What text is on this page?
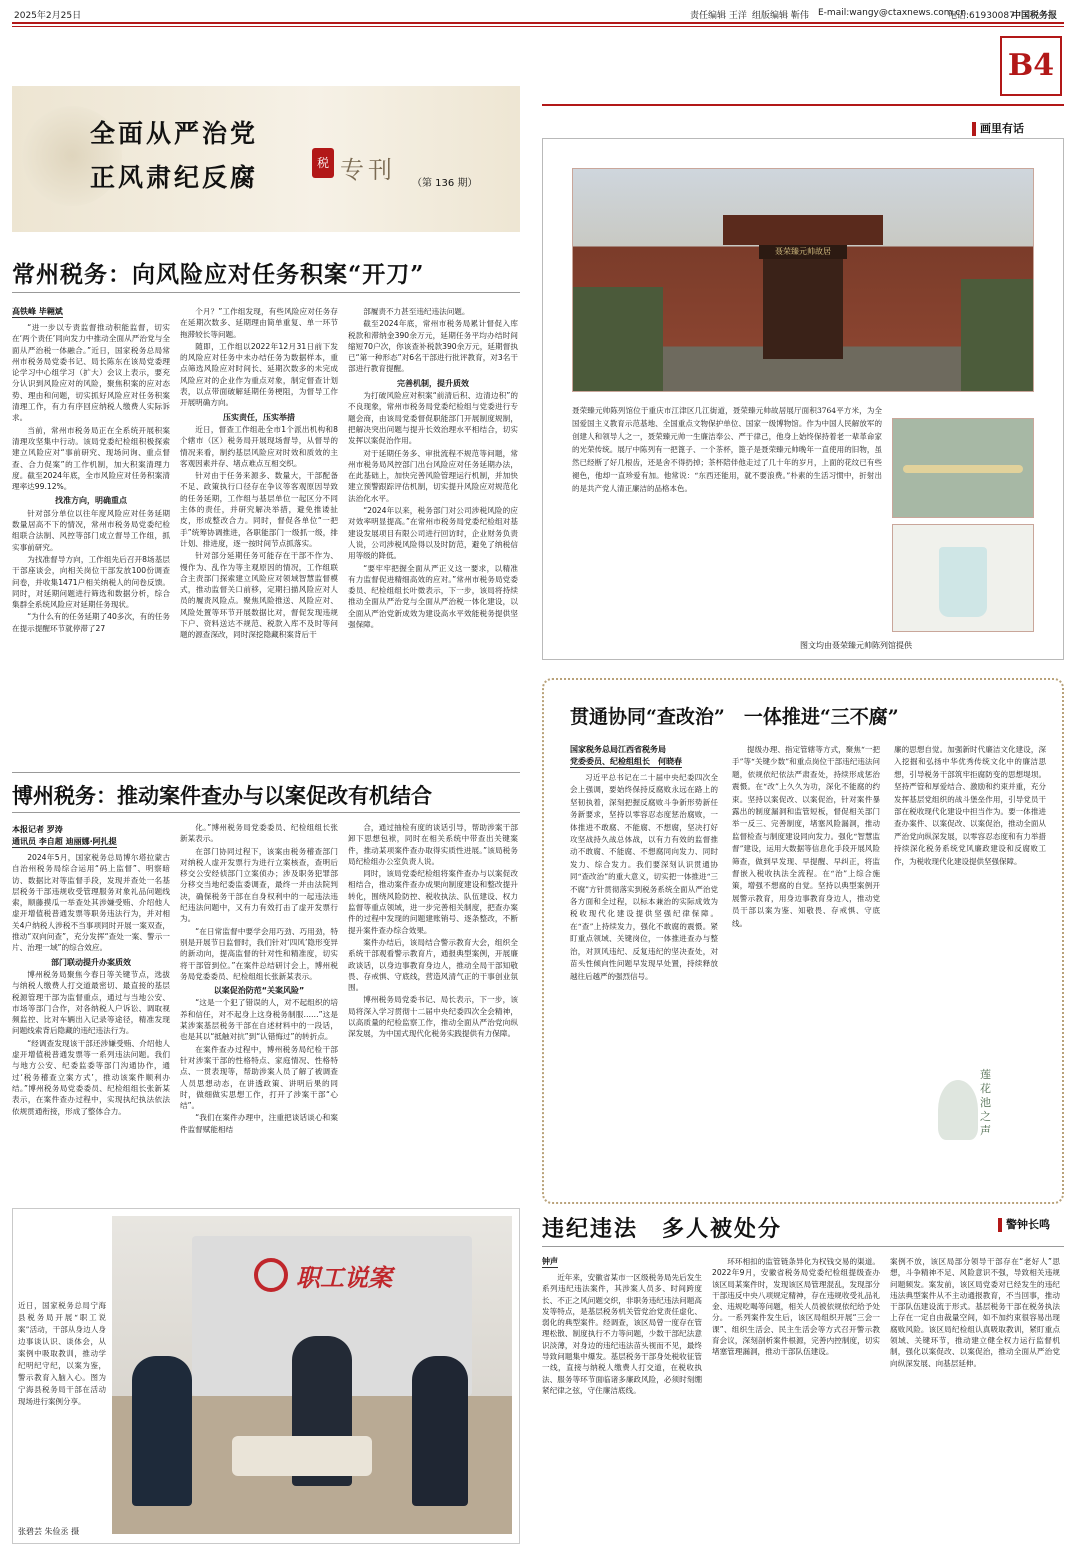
2025年2月25日	责任编辑 王洋 组版编辑 靳伟 E-mail:wangy@ctaxnews.com.cn
电话:61930087
中国税务报
B4
全面从严治党
正风肃纪反腐	税 专刊 （第 136 期）
常州税务：向风险应对任务积案“开刀”
高铁峰 毕翱斌

“进一步以专责监督推动积能监督，切实在‘两个责任’同向发力中推动全面从严治党与全面从严治税一体融合。”近日，国家税务总局常州市税务局党委书记、局长陈东在该局党委理论学习中心组学习（扩大）会议上表示，要充分认识到风险应对的风险，聚焦积案的应对态势、理由和问题，切实抓好风险应对任务积案清理工作，有力有序回应纳税人缴费人实际诉求。

当前，常州市税务局正在全系统开展积案清理攻坚集中行动。该局党委纪检组积极探索建立风险应对“事前研究、现场问询、重点督查、合力促案”的工作机制，加大积案清理力度。截至2024年底，全市风险应对任务积案清理率达99.12%。

找准方向，明确重点

针对部分单位以往年度风险应对任务延期数量居高不下的情况，常州市税务局党委纪检组联合法制、风控等部门成立督导工作组，抓实事前研究。

为找准督导方向，工作组先后召开8场基层干部座谈会，向相关岗位干部发放100份调查问卷，并收集1471户相关纳税人的问卷反馈。同时，对延期问题进行筛选和数据分析，综合集群全系统风险应对延期任务现状。

“为什么有的任务延期了40多次，有的任务在提示提醒环节就停滞了27

个月？”工作组发现，有些风险应对任务存在延期次数多、延期理由简单重复、单一环节拖滞较长等问题。

随即，工作组以2022年12月31日前下发的风险应对任务中未办结任务为数据样本，重点筛选风险应对时间长、延期次数多的未完成风险应对的企业作为重点对象，制定督查计划表，以点带面破解延期任务梗阻，为督导工作开展明确方向。

压实责任，压实举措

近日，督查工作组赴全市1个派出机构和8个辖市（区）税务局开展现场督导，从督导的情况来看，制约基层风险应对时效和质效的主客观因素并存、堵点难点互相交织。

针对由于任务来源多、数量大，干部配备不足、政策执行口径存在争议等客观原因导致的任务延期，工作组与基层单位一起区分不同主体的责任，并研究解决举措，避免推诿扯皮，形成整改合力。同时，督促各单位“一把手”统筹协调推进，各职能部门一级抓一级，排计划、排进度，逐一按时间节点抓落实。

针对部分延期任务可能存在干部不作为、慢作为、乱作为等主观原因的情况，工作组联合主责部门探索建立风险应对领域智慧监督模式，推动监督关口前移，定期扫描风险应对人员的履责风险点。聚焦风险推送、风险应对、风险处置等环节开展数据比对，督促发现违规下户、资料送达不规范、税款入库不及时等问题的源查深改，同时深挖隐藏积案背后干

部履责不力甚至违纪违法问题。

截至2024年底，常州市税务局累计督促入库税款和滞纳金390余万元，延期任务平均办结时间缩短70户次，你该查补税款390余万元，延期督执已“第一种形态”对6名干部进行批评教育，对3名干部进行教育提醒。

完善机制，提升质效

为打破风险应对积案“前清后积、边清边积”的不良现象，常州市税务局党委纪检组与党委进行专题会商，由该局党委督促职能部门开展制度规制，把解决突出问题与提升长效治理水平相结合，切实发挥以案促治作用。

对于延期任务多、审批流程不规范等问题，常州市税务局风控部门出台风险应对任务延期办法，在此基础上，加快完善风险管理运行机制，并加快建立预警跟踪评估机制，切实提升风险应对规范化法治化水平。

“2024年以来，税务部门对公司涉税风险的应对效率明显提高。”在常州市税务局党委纪检组对基建设发展项目有限公司进行回访时，企业财务负责人说，公司涉税风险得以及时防范，避免了纳税信用等级的降低。

“要牢牢把握全面从严正义这一要求，以精准有力监督促进精细高效的应对。”常州市税务局党委委员、纪检组组长叶微表示，下一步，该局将持续推动全面从严治党与全面从严治税一体化建设，以全面从严治党新成效为建设高水平效能税务提供坚强保障。

博州税务：推动案件查办与以案促改有机结合
本报记者 罗涛
通讯员 李自超 迪丽娜·阿扎提

2024年5月，国家税务总局博尔塔拉蒙古自治州税务局综合运用“码上监督”、明察暗访、数据比对等监督手段，发现并查处一名基层税务干部违规收受管理服务对象礼品问题线索，顺藤摸瓜一举查处其涉嫌受贿、介绍他人虚开增值税普通发票等职务违法行为，并对相关4户纳税人涉税不当事项同时开展一案双查，推动“双向问查”，充分发挥“查处一案、警示一片、治理一域”的综合效应。

部门联动提升办案质效

博州税务局聚焦今春日等关键节点，选拔与纳税人缴费人打交道最密切、最直接的基层税源管理干部为监督重点，通过与当地公安、市场等部门合作，对各纳税人户诉讼、调取视频监控、比对车辆出入记录等途径，精准发现问题线索背后隐藏的违纪违法行为。

“经调查发现该干部还涉嫌受贿、介绍他人虚开增值税普通发票等一系列违法问题。我们与地方公安、纪委监委等部门沟通协作，通过‘税务稽查立案方式’，推动该案件顺利办结。”博州税务局党委委员、纪检组组长张新某表示，在案件查办过程中，实现执纪执法依法依规贯通衔接，形成了整体合力。

化。”博州税务局党委委员、纪检组组长张新某表示。

在部门协同过程下，该案由税务稽查部门对纳税人虚开发票行为进行立案核查，查明后移交公安经侦部门立案侦办；涉及职务犯罪部分移交当地纪委监委调查，最终一并由法院判决，确保税务干部在自身权利中的一起违法违纪违法问题中，又有力有效打击了虚开发票行为。

“在日常监督中要学会用巧劲、巧用劲，特别是开展节日监督时，我们针对‘四风’隐形变异的新动向，提高监督的针对性和精准度，切实将干部管到位。”在案件总结研讨会上，博州税务局党委委员、纪检组组长张新某表示。

以案促治防范“关案风险”

“这是一个犯了错误的人，对不起组织的培养和信任，对不起身上这身税务制服……”这是某涉案基层税务干部在自述材料中的一段话，也是其以“抵触对抗”到“认错悔过”的转折点。

在案件查办过程中，博州税务局纪检干部针对涉案干部的性格特点、家庭情况、性格特点、一贯表现等，帮助涉案人员了解了被调查人员思想动态，在讲透政策、讲明后果的同时，做细做实思想工作，打开了涉案干部“心结”。

“我们在案件办理中，注重把谈话谈心和案件监督赋能相结

合，通过抽检有度的谈话引导，帮助涉案干部卸下思想包袱，同时在相关系统中带查出关键案件，推动某项案件查办取得实质性进展。”该局税务局纪检组办公室负责人说。

同时，该局党委纪检组将案件查办与以案促改相结合，推动案件查办成果向制度建设和整改提升转化，围绕风险防控、税收执法、队伍建设、权力监督等重点领域，进一步完善相关制度，把查办案件的过程中发现的问题建账销号、逐条整改，不断提升案件查办综合效果。

案件办结后，该局结合警示教育大会，组织全系统干部观看警示教育片，通报典型案例，开展廉政谈话，以身边事教育身边人，推动全局干部知敬畏、存戒惧、守底线，营造风清气正的干事创业氛围。

博州税务局党委书记、局长表示，下一步，该局将深入学习贯彻十二届中央纪委四次全会精神，以高质量的纪检监察工作，推动全面从严治党向纵深发展，为中国式现代化税务实践提供有力保障。

近日，国家税务总局宁海县税务局开展“职工说案”活动，干部从身边人身边事谈认识、谈体会，从案例中吸取教训，推动学纪明纪守纪，以案为鉴，警示教育入脑入心。图为宁海县税务局干部在活动现场进行案例分享。
张碧芸 朱俭丞 摄
职工说案
画里有话
聂荣臻元帅故居
聂荣臻元帅陈列馆位于重庆市江津区几江街道，聂荣臻元帅故居展厅面积3764平方米，为全国爱国主义教育示范基地、全国重点文物保护单位、国家一级博物馆。作为中国人民解放军的创建人和领导人之一，聂荣臻元帅一生廉洁奉公、严于律己，他身上始终保持着老一辈革命家的光荣传统。展厅中陈列有一把篦子、一个茶杯，篦子是聂荣臻元帅晚年一直使用的旧物，虽然已经断了好几根齿，还是舍不得扔掉；茶杯陪伴他走过了几十年的岁月，上面的花纹已有些褪色，他却一直珍爱有加。他常说：“东西还能用，就不要浪费。”朴素的生活习惯中，折射出的是共产党人清正廉洁的品格本色。
图文均由聂荣臻元帅陈列馆提供
贯通协同“查改治”　一体推进“三不腐”
国家税务总局江西省税务局
党委委员、纪检组组长　何晓春
习近平总书记在二十届中央纪委四次全会上强调，要始终保持反腐败永远在路上的坚韧执着，深刻把握反腐败斗争新形势新任务新要求，坚持以零容忍态度惩治腐败，一体推进不敢腐、不能腐、不想腐，坚决打好攻坚战持久战总体战，以有力有效的监督推动不敢腐、不能腐、不想腐同向发力、同时发力、综合发力。我们要深刻认识贯通协同“查改治”的重大意义，切实把一体推进“三不腐”方针贯彻落实到税务系统全面从严治党各方面和全过程，以标本兼治的实际成效为税收现代化建设提供坚强纪律保障。在“查”上持续发力，强化不敢腐的震慑。紧盯重点领域、关键岗位，一体推进查办与整治，对顶风违纪、反复违纪的坚决查处，对苗头性倾向性问题早发现早处置，持续释放越往后越严的强烈信号。
提级办理、指定管辖等方式，聚焦“一把手”等“关键少数”和重点岗位干部违纪违法问题，依规依纪依法严肃查处，持续形成惩治震慑。在“改”上久久为功，深化不能腐的约束。坚持以案促改、以案促治，针对案件暴露出的制度漏洞和监管短板，督促相关部门举一反三、完善制度，堵塞风险漏洞，推动监督检查与制度建设同向发力。强化“智慧监督”建设，运用大数据等信息化手段开展风险筛查，做到早发现、早提醒、早纠正，将监督嵌入税收执法全流程。在“治”上综合施策，增强不想腐的自觉。坚持以典型案例开展警示教育，用身边事教育身边人，推动党员干部以案为鉴、知敬畏、存戒惧、守底线。
廉的思想自觉。加强新时代廉洁文化建设，深入挖掘和弘扬中华优秀传统文化中的廉洁思想，引导税务干部筑牢拒腐防变的思想堤坝。坚持严管和厚爱结合、激励和约束并重，充分发挥基层党组织的战斗堡垒作用，引导党员干部在税收现代化建设中担当作为。要一体推进查办案件、以案促改、以案促治，推动全面从严治党向纵深发展，以零容忍态度和有力举措持续深化税务系统党风廉政建设和反腐败工作，为税收现代化建设提供坚强保障。
莲花池之声
违纪违法　多人被处分	警钟长鸣
钟声
近年来，安徽省某市一区级税务局先后发生系列违纪违法案件，其涉案人员多、时间跨度长、不正之风问题交织，非职务违纪违法问题高发等特点，是基层税务机关管党治党责任虚化、弱化的典型案件。经调查，该区局曾一度存在管理松散、制度执行不力等问题，少数干部纪法意识淡薄，对身边的违纪违法苗头视而不见，最终导致问题集中爆发。基层税务干部身处税收征管一线，直接与纳税人缴费人打交道，在税收执法、服务等环节面临诸多廉政风险，必须时刻绷紧纪律之弦，守住廉洁底线。
环环相扣的监管链条异化为权钱交易的渠道。2022年9月，安徽省税务局党委纪检组提级查办该区局某案件时，发现该区局管理混乱，发现部分干部违反中央八项规定精神，存在违规收受礼品礼金、违规吃喝等问题，相关人员被依规依纪给予处分。一系列案件发生后，该区局组织开展“三会一课”、组织生活会、民主生活会等方式召开警示教育会议，深刻剖析案件根源，完善内控制度，切实堵塞管理漏洞，推动干部队伍建设。
案例不放，该区局部分领导干部存在“老好人”思想，斗争精神不足、风险意识不强，导致相关违规问题频发。案发前，该区局党委对已经发生的违纪违法典型案件从不主动通报教育，不当回事，推动干部队伍建设流于形式。基层税务干部在税务执法上存在一定自由裁量空间，如不加约束很容易出现腐败风险。该区局纪检组认真吸取教训，紧盯重点领域、关键环节，推动建立健全权力运行监督机制，强化以案促改、以案促治，推动全面从严治党向纵深发展、向基层延伸。
